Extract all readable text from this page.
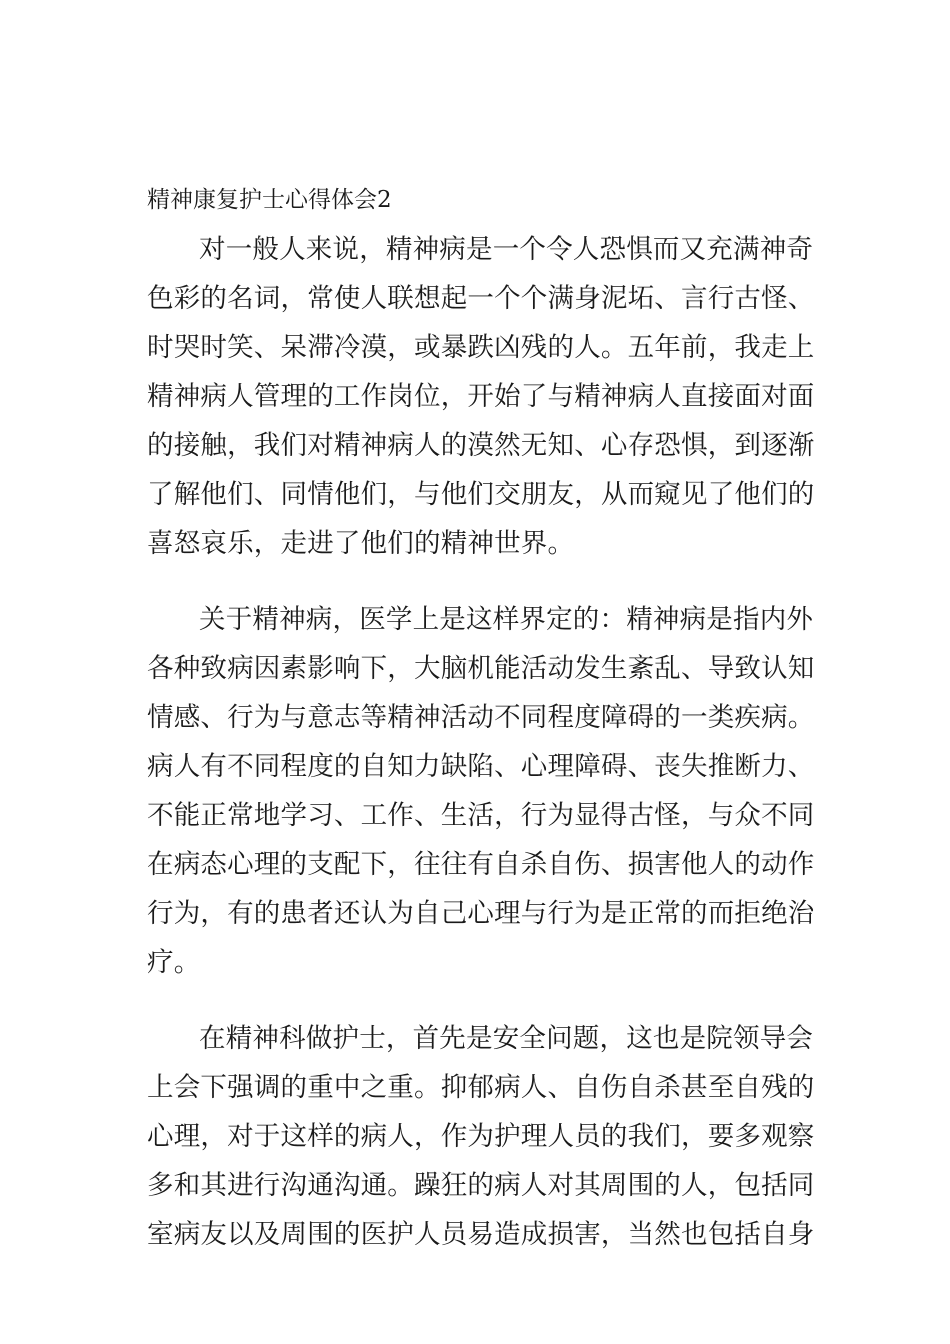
精神康复护士心得体会2

对一般人来说，精神病是一个令人恐惧而又充满神奇

色彩的名词，常使人联想起一个个满身泥坧、言行古怪、

时哭时笑、呆滞冷漠，或暴跌凶残的人。五年前，我走上

精神病人管理的工作岗位，开始了与精神病人直接面对面

的接触，我们对精神病人的漠然无知、心存恐惧，到逐渐

了解他们、同情他们，与他们交朋友，从而窥见了他们的

喜怒哀乐，走进了他们的精神世界。

关于精神病，医学上是这样界定的：精神病是指内外

各种致病因素影响下，大脑机能活动发生紊乱、导致认知

情感、行为与意志等精神活动不同程度障碍的一类疾病。

病人有不同程度的自知力缺陷、心理障碍、丧失推断力、

不能正常地学习、工作、生活，行为显得古怪，与众不同

在病态心理的支配下，往往有自杀自伤、损害他人的动作

行为，有的患者还认为自己心理与行为是正常的而拒绝治

疗。

在精神科做护士，首先是安全问题，这也是院领导会

上会下强调的重中之重。抑郁病人、自伤自杀甚至自残的

心理，对于这样的病人，作为护理人员的我们，要多观察

多和其进行沟通沟通。躁狂的病人对其周围的人，包括同

室病友以及周围的医护人员易造成损害，当然也包括自身
